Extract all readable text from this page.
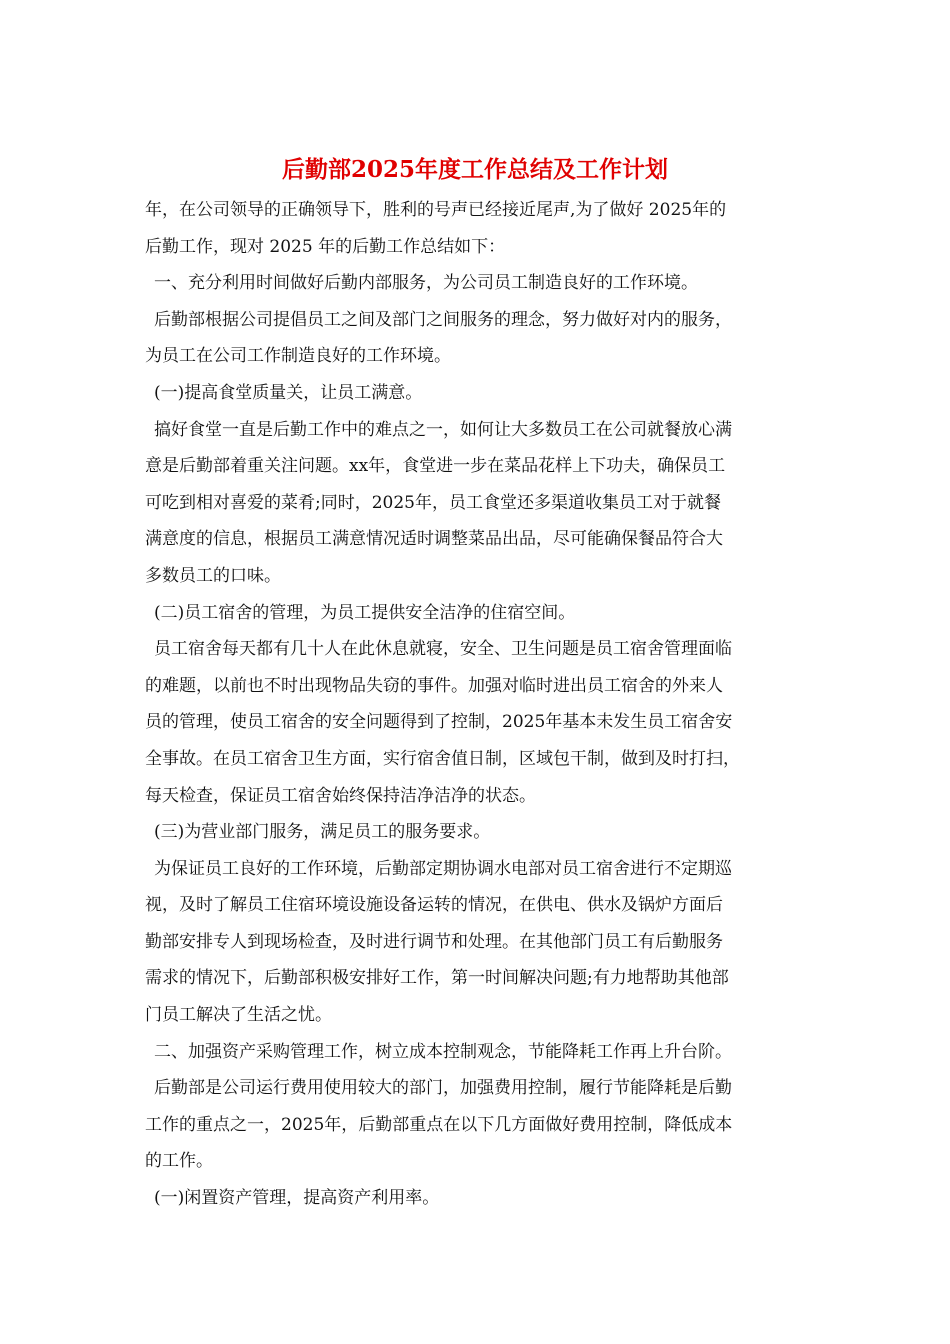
后勤部2025年度工作总结及工作计划
年，在公司领导的正确领导下，胜利的号声已经接近尾声,为了做好 2025年的
后勤工作，现对 2025 年的后勤工作总结如下：
一、充分利用时间做好后勤内部服务，为公司员工制造良好的工作环境。
后勤部根据公司提倡员工之间及部门之间服务的理念，努力做好对内的服务，
为员工在公司工作制造良好的工作环境。
(一)提高食堂质量关，让员工满意。
搞好食堂一直是后勤工作中的难点之一，如何让大多数员工在公司就餐放心满
意是后勤部着重关注问题。xx年，食堂进一步在菜品花样上下功夫，确保员工
可吃到相对喜爱的菜肴;同时，2025年，员工食堂还多渠道收集员工对于就餐
满意度的信息，根据员工满意情况适时调整菜品出品，尽可能确保餐品符合大
多数员工的口味。
(二)员工宿舍的管理，为员工提供安全洁净的住宿空间。
员工宿舍每天都有几十人在此休息就寝，安全、卫生问题是员工宿舍管理面临
的难题，以前也不时出现物品失窃的事件。加强对临时进出员工宿舍的外来人
员的管理，使员工宿舍的安全问题得到了控制，2025年基本未发生员工宿舍安
全事故。在员工宿舍卫生方面，实行宿舍值日制，区域包干制，做到及时打扫，
每天检查，保证员工宿舍始终保持洁净洁净的状态。
(三)为营业部门服务，满足员工的服务要求。
为保证员工良好的工作环境，后勤部定期协调水电部对员工宿舍进行不定期巡
视，及时了解员工住宿环境设施设备运转的情况，在供电、供水及锅炉方面后
勤部安排专人到现场检查，及时进行调节和处理。在其他部门员工有后勤服务
需求的情况下，后勤部积极安排好工作，第一时间解决问题;有力地帮助其他部
门员工解决了生活之忧。
二、加强资产采购管理工作，树立成本控制观念，节能降耗工作再上升台阶。
后勤部是公司运行费用使用较大的部门，加强费用控制，履行节能降耗是后勤
工作的重点之一，2025年，后勤部重点在以下几方面做好费用控制，降低成本
的工作。
(一)闲置资产管理，提高资产利用率。
